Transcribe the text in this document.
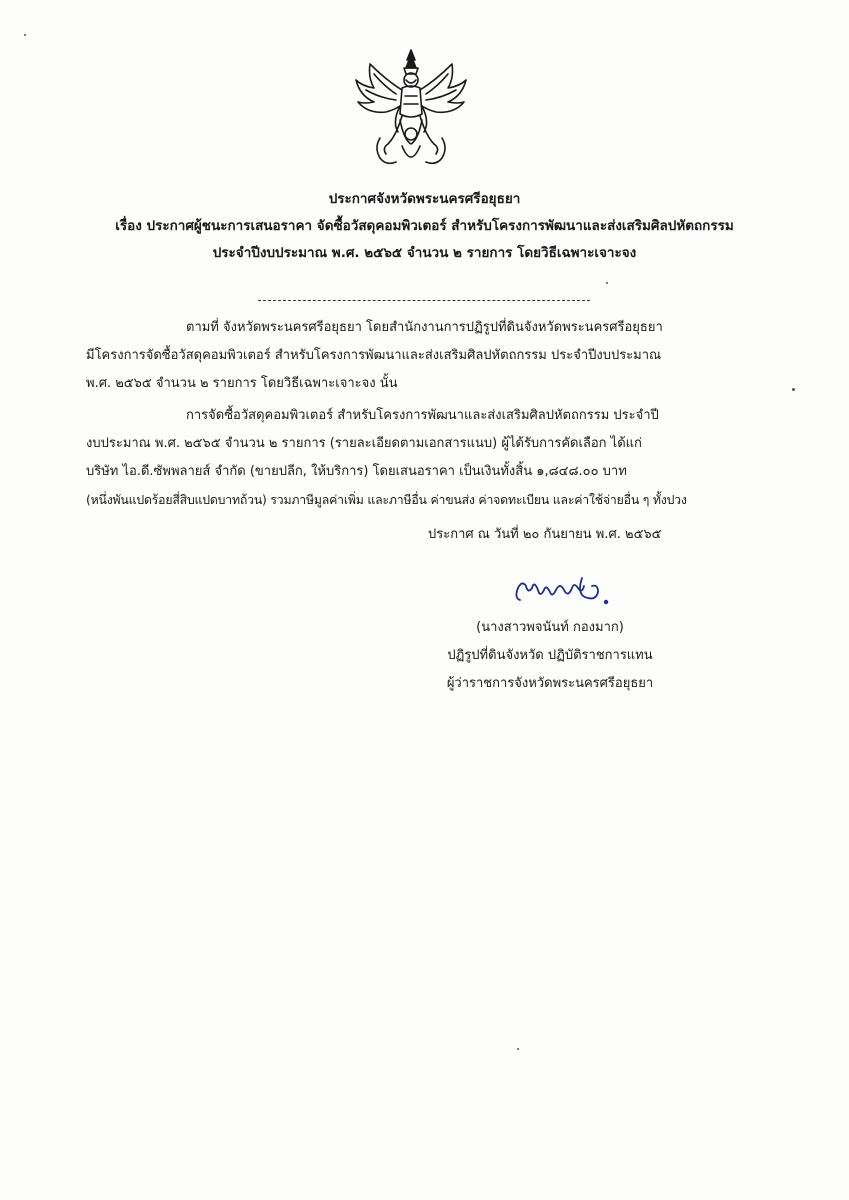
ประกาศจังหวัดพระนครศรีอยุธยา
เรื่อง ประกาศผู้ชนะการเสนอราคา จัดซื้อวัสดุคอมพิวเตอร์ สำหรับโครงการพัฒนาและส่งเสริมศิลปหัตถกรรม
ประจำปีงบประมาณ พ.ศ. ๒๕๖๕ จำนวน ๒ รายการ โดยวิธีเฉพาะเจาะจง
ตามที่ จังหวัดพระนครศรีอยุธยา โดยสำนักงานการปฏิรูปที่ดินจังหวัดพระนครศรีอยุธยา
มีโครงการจัดซื้อวัสดุคอมพิวเตอร์ สำหรับโครงการพัฒนาและส่งเสริมศิลปหัตถกรรม ประจำปีงบประมาณ
พ.ศ. ๒๕๖๕ จำนวน ๒ รายการ โดยวิธีเฉพาะเจาะจง นั้น
การจัดซื้อวัสดุคอมพิวเตอร์ สำหรับโครงการพัฒนาและส่งเสริมศิลปหัตถกรรม ประจำปี
งบประมาณ พ.ศ. ๒๕๖๕ จำนวน ๒ รายการ (รายละเอียดตามเอกสารแนบ) ผู้ได้รับการคัดเลือก ได้แก่
บริษัท ไอ.ดี.ซัพพลายส์ จำกัด (ขายปลีก, ให้บริการ) โดยเสนอราคา เป็นเงินทั้งสิ้น ๑,๘๔๘.๐๐ บาท
(หนึ่งพันแปดร้อยสี่สิบแปดบาทถ้วน) รวมภาษีมูลค่าเพิ่ม และภาษีอื่น ค่าขนส่ง ค่าจดทะเบียน และค่าใช้จ่ายอื่น ๆ ทั้งปวง
ประกาศ ณ วันที่ ๒๐ กันยายน พ.ศ. ๒๕๖๕
(นางสาวพจนันท์ กองมาก)
ปฏิรูปที่ดินจังหวัด ปฏิบัติราชการแทน
ผู้ว่าราชการจังหวัดพระนครศรีอยุธยา
